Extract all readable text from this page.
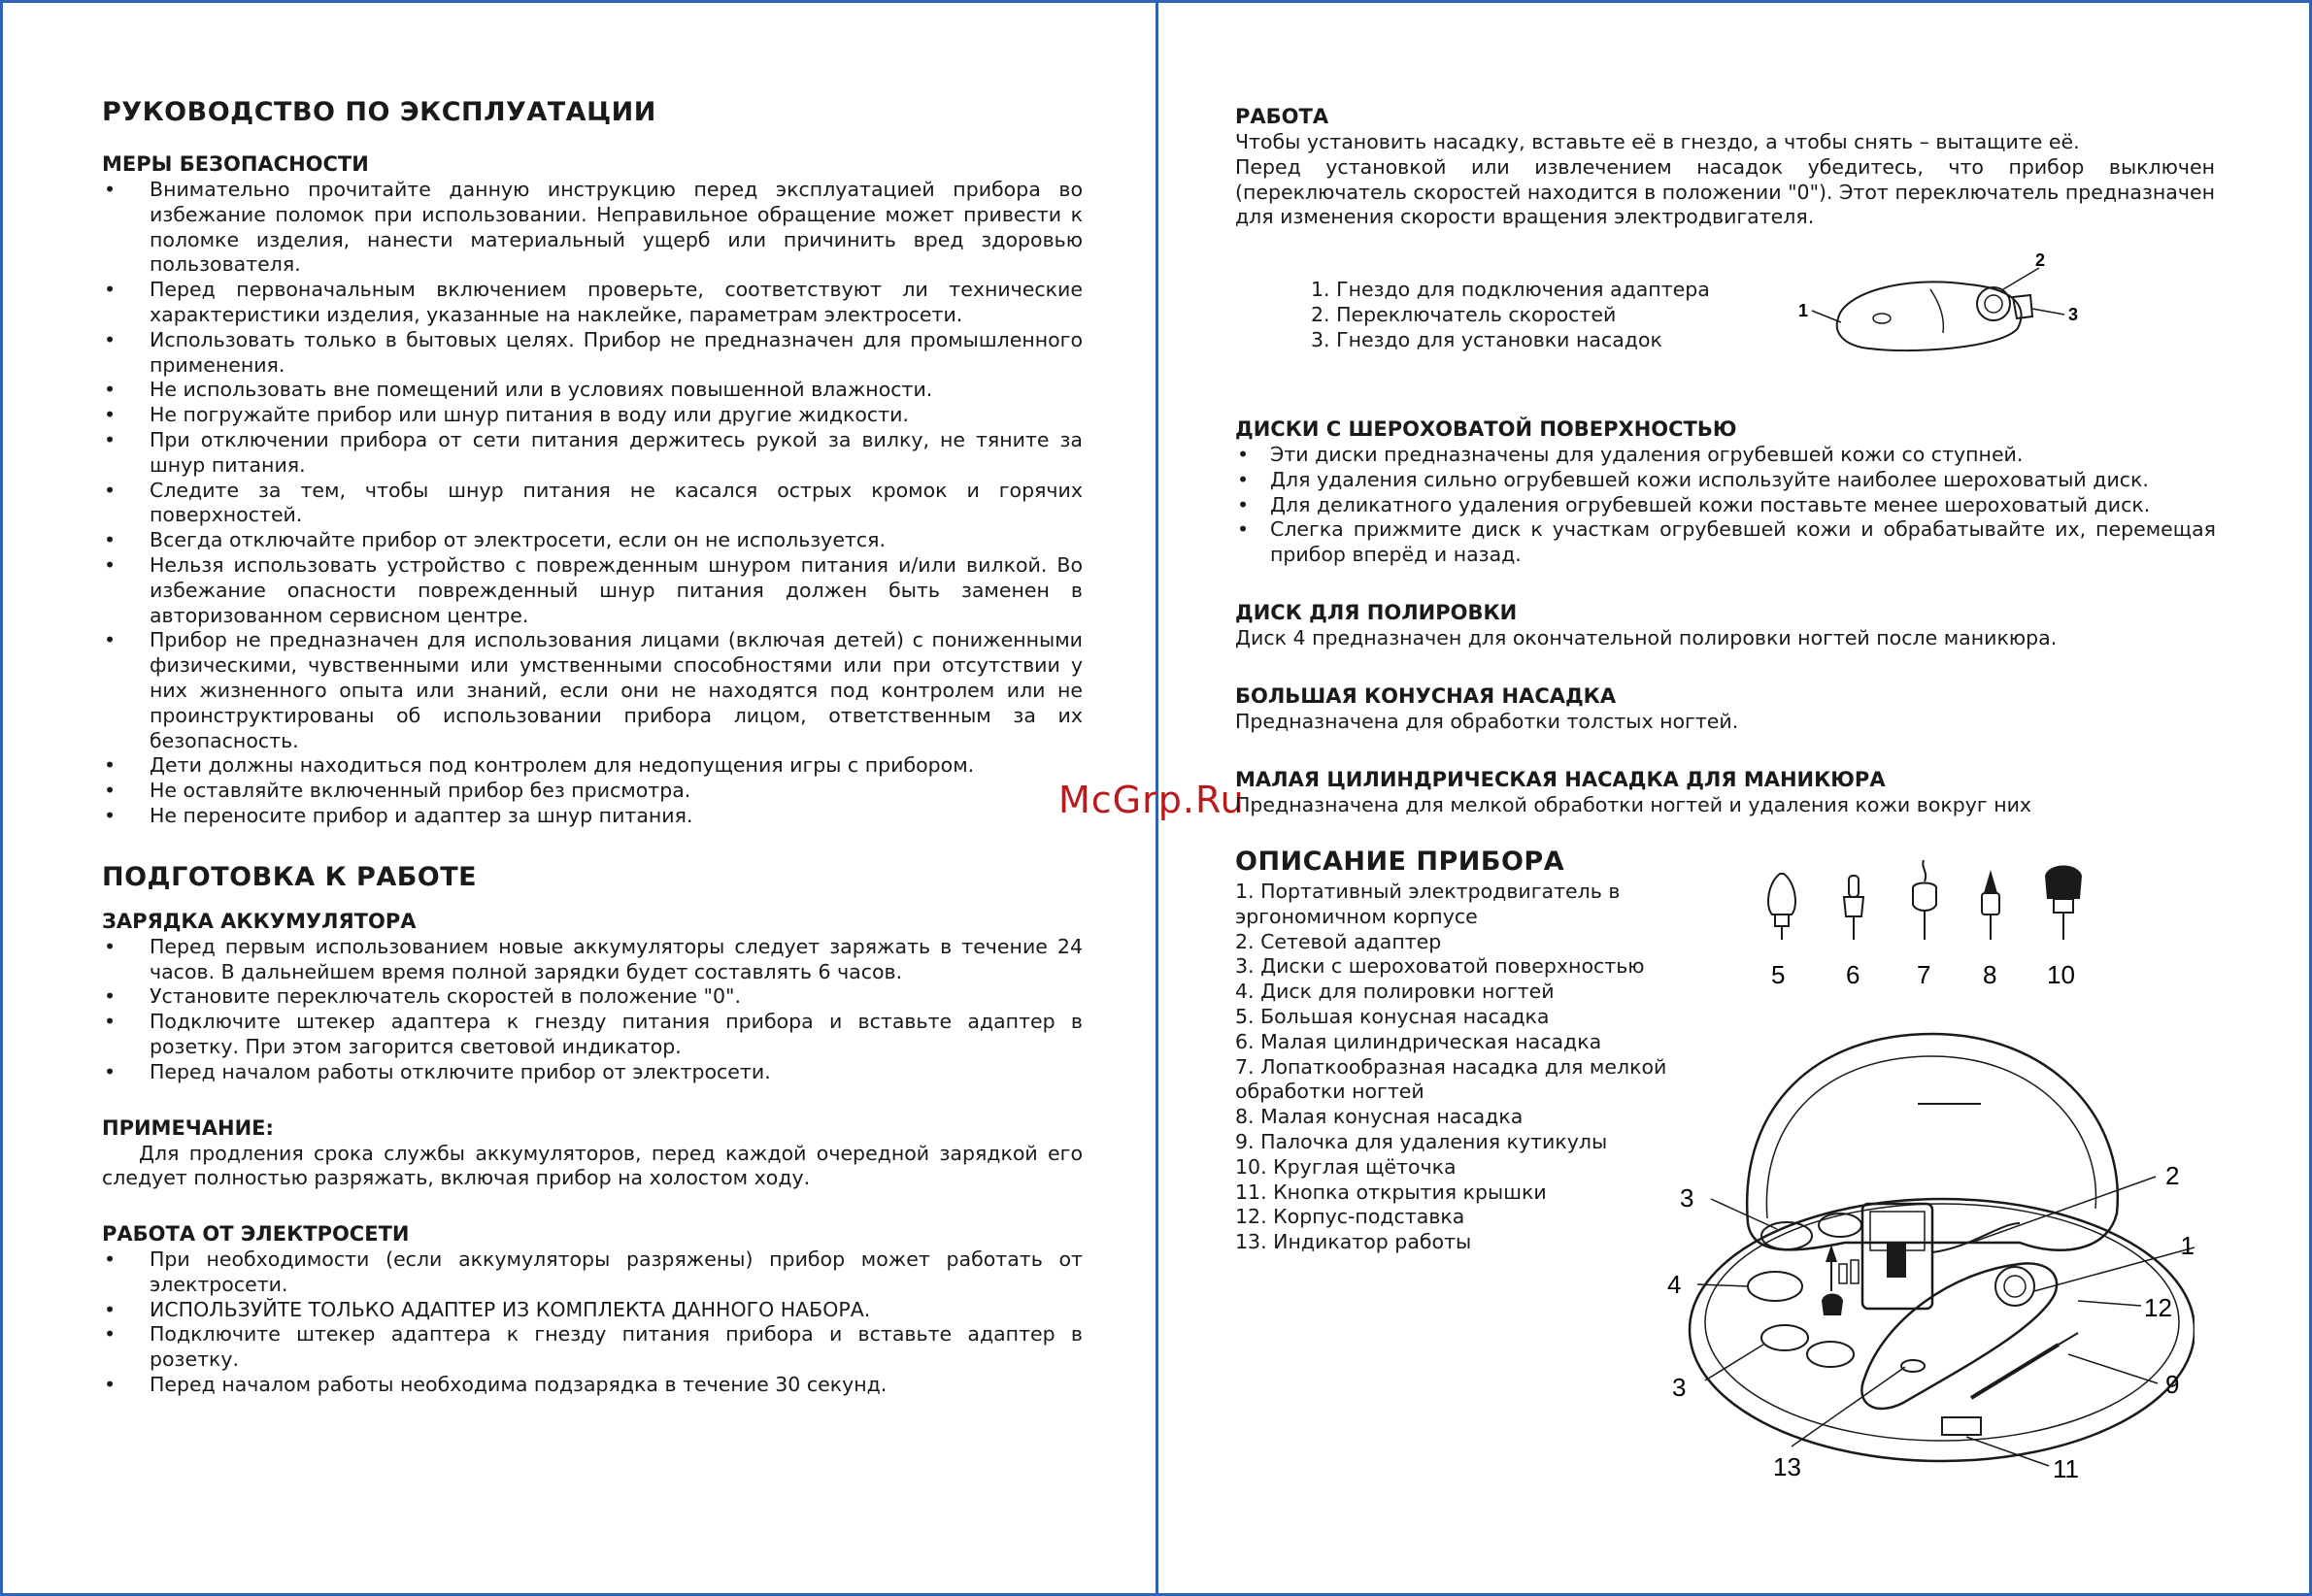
РУКОВОДСТВО ПО ЭКСПЛУАТАЦИИ
МЕРЫ БЕЗОПАСНОСТИ
• Внимательно прочитайте данную инструкцию перед эксплуатацией прибора во избежание поломок при использовании. Неправильное обращение может привести к поломке изделия, нанести материальный ущерб или причинить вред здоровью пользователя.
• Перед первоначальным включением проверьте, соответствуют ли технические характеристики изделия, указанные на наклейке, параметрам электросети.
• Использовать только в бытовых целях. Прибор не предназначен для промышленного применения.
• Не использовать вне помещений или в условиях повышенной влажности.
• Не погружайте прибор или шнур питания в воду или другие жидкости.
• При отключении прибора от сети питания держитесь рукой за вилку, не тяните за шнур питания.
• Следите за тем, чтобы шнур питания не касался острых кромок и горячих поверхностей.
• Всегда отключайте прибор от электросети, если он не используется.
• Нельзя использовать устройство с поврежденным шнуром питания и/или вилкой. Во избежание опасности поврежденный шнур питания должен быть заменен в авторизованном сервисном центре.
• Прибор не предназначен для использования лицами (включая детей) с пониженными физическими, чувственными или умственными способностями или при отсутствии у них жизненного опыта или знаний, если они не находятся под контролем или не проинструктированы об использовании прибора лицом, ответственным за их безопасность.
• Дети должны находиться под контролем для недопущения игры с прибором.
• Не оставляйте включенный прибор без присмотра.
• Не переносите прибор и адаптер за шнур питания.
ПОДГОТОВКА К РАБОТЕ
ЗАРЯДКА АККУМУЛЯТОРА
• Перед первым использованием новые аккумуляторы следует заряжать в течение 24 часов. В дальнейшем время полной зарядки будет составлять 6 часов.
• Установите переключатель скоростей в положение "0".
• Подключите штекер адаптера к гнезду питания прибора и вставьте адаптер в розетку. При этом загорится световой индикатор.
• Перед началом работы отключите прибор от электросети.
ПРИМЕЧАНИЕ:
Для продления срока службы аккумуляторов, перед каждой очередной зарядкой его следует полностью разряжать, включая прибор на холостом ходу.
РАБОТА ОТ ЭЛЕКТРОСЕТИ
• При необходимости (если аккумуляторы разряжены) прибор может работать от электросети.
• ИСПОЛЬЗУЙТЕ ТОЛЬКО АДАПТЕР ИЗ КОМПЛЕКТА ДАННОГО НАБОРА.
• Подключите штекер адаптера к гнезду питания прибора и вставьте адаптер в розетку.
• Перед началом работы необходима подзарядка в течение 30 секунд.
McGrp.Ru
РАБОТА
Чтобы установить насадку, вставьте её в гнездо, а чтобы снять – вытащите её.
Перед установкой или извлечением насадок убедитесь, что прибор выключен (переключатель скоростей находится в положении "0"). Этот переключатель предназначен для изменения скорости вращения электродвигателя.
1. Гнездо для подключения адаптера
2. Переключатель скоростей
3. Гнездо для установки насадок
1
2
3
ДИСКИ С ШЕРОХОВАТОЙ ПОВЕРХНОСТЬЮ
• Эти диски предназначены для удаления огрубевшей кожи со ступней.
• Для удаления сильно огрубевшей кожи используйте наиболее шероховатый диск.
• Для деликатного удаления огрубевшей кожи поставьте менее шероховатый диск.
• Слегка прижмите диск к участкам огрубевшей кожи и обрабатывайте их, перемещая прибор вперёд и назад.
ДИСК ДЛЯ ПОЛИРОВКИ
Диск 4 предназначен для окончательной полировки ногтей после маникюра.
БОЛЬШАЯ КОНУСНАЯ НАСАДКА
Предназначена для обработки толстых ногтей.
МАЛАЯ ЦИЛИНДРИЧЕСКАЯ НАСАДКА ДЛЯ МАНИКЮРА
Предназначена для мелкой обработки ногтей и удаления кожи вокруг них
ОПИСАНИЕ ПРИБОРА
1. Портативный электродвигатель в эргономичном корпусе
2. Сетевой адаптер
3. Диски с шероховатой поверхностью
4. Диск для полировки ногтей
5. Большая конусная насадка
6. Малая цилиндрическая насадка
7. Лопаткообразная насадка для мелкой обработки ногтей
8. Малая конусная насадка
9. Палочка для удаления кутикулы
10. Круглая щёточка
11. Кнопка открытия крышки
12. Корпус-подставка
13. Индикатор работы
5 6 7 8 10
3
2
1
4
12
3	9
13	11
